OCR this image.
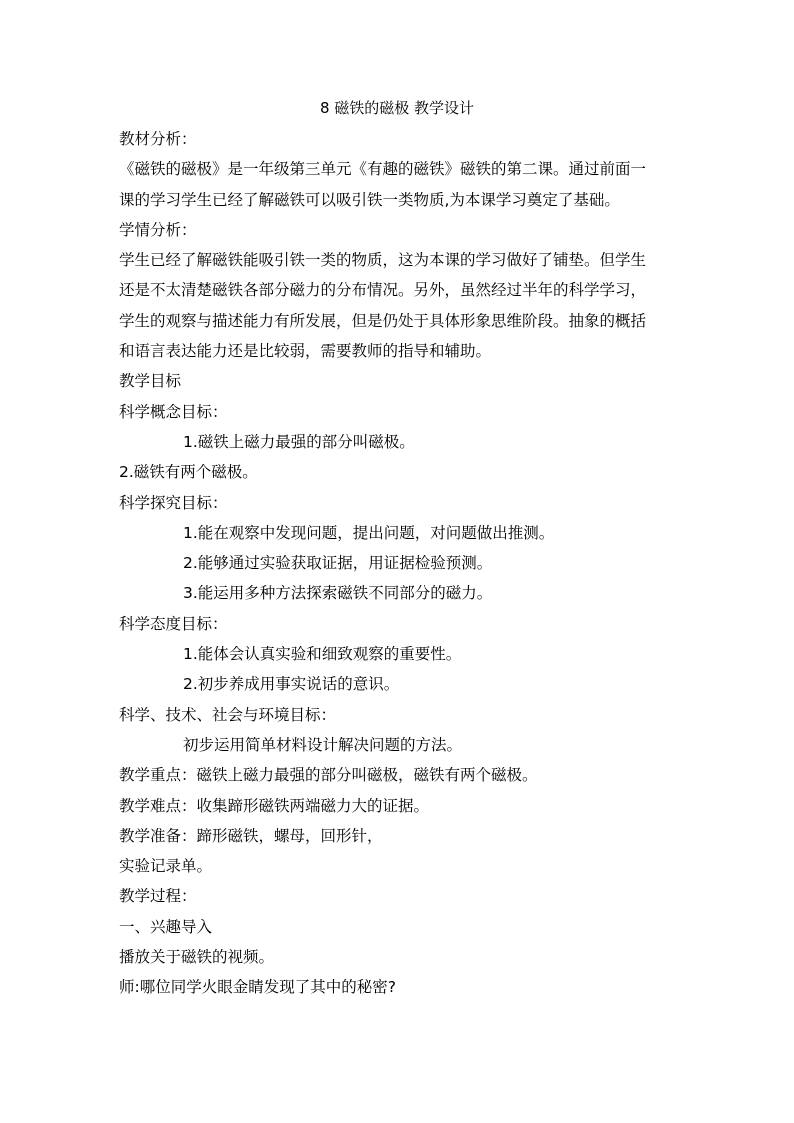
8 磁铁的磁极 教学设计
教材分析：
《磁铁的磁极》是一年级第三单元《有趣的磁铁》磁铁的第二课。通过前面一
课的学习学生已经了解磁铁可以吸引铁一类物质,为本课学习奠定了基础。
学情分析：
学生已经了解磁铁能吸引铁一类的物质，这为本课的学习做好了铺垫。但学生
还是不太清楚磁铁各部分磁力的分布情况。另外，虽然经过半年的科学学习，
学生的观察与描述能力有所发展，但是仍处于具体形象思维阶段。抽象的概括
和语言表达能力还是比较弱，需要教师的指导和辅助。
教学目标
科学概念目标：
1.磁铁上磁力最强的部分叫磁极。
2.磁铁有两个磁极。
科学探究目标：
1.能在观察中发现问题，提出问题，对问题做出推测。
2.能够通过实验获取证据，用证据检验预测。
3.能运用多种方法探索磁铁不同部分的磁力。
科学态度目标：
1.能体会认真实验和细致观察的重要性。
2.初步养成用事实说话的意识。
科学、技术、社会与环境目标：
初步运用简单材料设计解决问题的方法。
教学重点：磁铁上磁力最强的部分叫磁极，磁铁有两个磁极。
教学难点：收集蹄形磁铁两端磁力大的证据。
教学准备：蹄形磁铁，螺母，回形针，
实验记录单。
教学过程：
一、兴趣导入
播放关于磁铁的视频。
师:哪位同学火眼金睛发现了其中的秘密?
